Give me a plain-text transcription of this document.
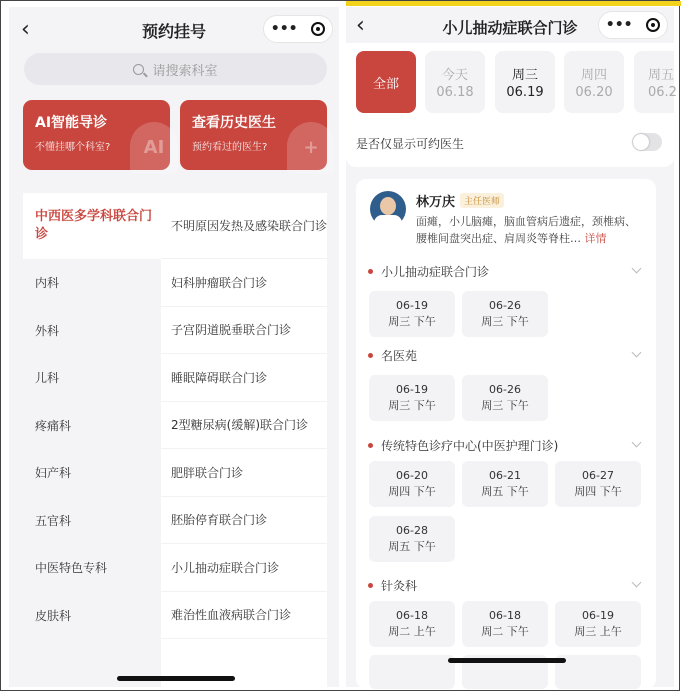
‹	预约挂号	•••
请搜索科室
AI智能导诊
不懂挂哪个科室?	AI
查看历史医生
预约看过的医生?	+
中西医多学科联合门诊
内科
外科
儿科
疼痛科
妇产科
五官科
中医特色专科
皮肤科
不明原因发热及感染联合门诊
妇科肿瘤联合门诊
子宫阴道脱垂联合门诊
睡眠障碍联合门诊
2型糖尿病(缓解)联合门诊
肥胖联合门诊
胚胎停育联合门诊
小儿抽动症联合门诊
难治性血液病联合门诊
‹	小儿抽动症联合门诊	•••
全部
今天
06.18
周三
06.19
周四
06.20
周五
06.2
是否仅显示可约医生
林万庆 主任医师
面瘫，小儿脑瘫，脑血管病后遗症，颈椎病、腰椎间盘突出症、肩周炎等脊柱… 详情
小儿抽动症联合门诊
06-19
周三 下午
06-26
周三 下午
名医苑
06-19
周三 下午
06-26
周三 下午
传统特色诊疗中心(中医护理门诊)
06-20
周四 下午
06-21
周五 下午
06-27
周四 下午
06-28
周五 下午
针灸科
06-18
周二 上午
06-18
周二 下午
06-19
周三 上午
